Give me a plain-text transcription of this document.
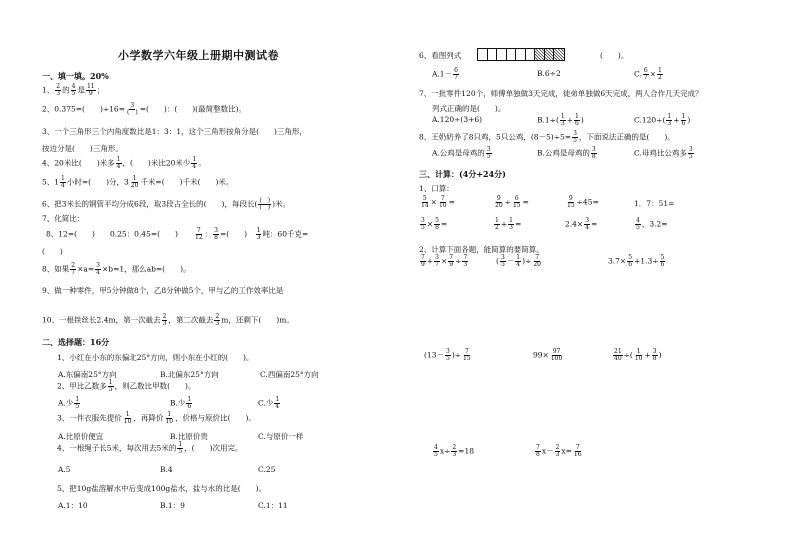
小学数学六年级上册期中测试卷
一、填一填。20%
1、 $\frac{2}{3}$ 的 $\frac{4}{5}$ 是 $\frac{11}{9}$ ；
2、0.375=(　　)$\div 16= \frac{3}{( )}$ =(　　)：(　　)(最简整数比)。
3、一个三角形三个内角度数比是1：3：1，这个三角形按角分是(　　)三角形，
按边分是(　　)三角形。
4、20米比(　　)米多 $\frac{1}{4}$ ，(　　)米比20米少 $\frac{1}{4}$ 。
5、$1 \frac{1}{4}$ 小时=(　　)分，$3 \frac{1}{20}$ 千米=(　　)千米(　　)米。
6、把3米长的钢管平均分成6段，取3段占全长的(　　)，每段长( $\frac{( )}{( )}$ )米。
7、化简比：
8、12=(　　)　　0.25：0.45=(　　)　　 $\frac{7}{12}$ ： $\frac{3}{8}$ =(　　)　 $\frac{1}{3}$ 吨：60千克=
(　　)
8、如果 $\frac{2}{7} \times a= \frac{3}{4} \times b=1$，那么ab=(　　)。
9、做一种零件，甲5分钟做8个，乙8分钟做5个，甲与乙的工作效率比是
10、一根铁丝长2.4m，第一次截去 $\frac{2}{3}$ ，第二次截去 $\frac{2}{3}$ m，还剩下(　　)m。
二、选择题：16分
1、小红在小东的东偏北25°方向，则小东在小红的(　　)。
A.东偏南25°方向	B.北偏东25°方向	C.西偏南25°方向
2、甲比乙数多 $\frac{1}{5}$ ，则乙数比甲数(　　)。
A.少 $\frac{1}{5}$	B.少 $\frac{1}{6}$	C.少 $\frac{1}{4}$
3、一件衣服先提价 $\frac{1}{10}$ ，再降价 $\frac{1}{10}$ ，价格与原价比(　　)。
A.比原价便宜	B.比原价贵	C.与原价一样
4、一根绳子长5米，每次用去5米的 $\frac{1}{5}$ ，(　　)次用完。
A.5	B.4	C.25
5、把10g盐溶解水中后变成100g盐水，盐与水的比是(　　)。
A.1：10	B.1：9	C.1：11
6、看图列式	(　　)。
$A.1- \frac{6}{7}$	B.6÷2	C. $\frac{6}{7} \times \frac{1}{2}$
7、一批零件120个，师傅单独做3天完成，徒弟单独做6天完成，两人合作几天完成？
列式正确的是(　　)。
A.120÷(3+6)	$B.1\div( \frac{1}{3} + \frac{1}{6}$ )	$C.120\div( \frac{1}{3} + \frac{1}{6}$ )
8、王奶奶养了8只鸡，5只公鸡，$(8-5)\div 5= \frac{3}{5}$ ，下面说法正确的是(　　)。
A.公鸡是母鸡的 $\frac{3}{5}$	B.公鸡是母鸡的 $\frac{3}{8}$	C.母鸡比公鸡多 $\frac{3}{5}$
三、计算：(4分+24分)
1、口算：
$\frac{5}{14} \times \frac{7}{10}$ =	$\frac{9}{20} \div \frac{6}{15}$ =	$\frac{9}{15} \div 45=$	1．7：51=
$\frac{3}{5} \times \frac{5}{8}$ =	$\frac{1}{2} + \frac{1}{3}$ =	$2.4\times \frac{3}{4}$ =	$\frac{4}{5}$ ，3.2=
2、计算下面各题，能简算的要简算。
$\frac{7}{9} + \frac{3}{7} \times \frac{7}{9} \div \frac{7}{3}$	( $\frac{3}{5} - \frac{1}{4}$ )÷ $\frac{7}{20}$	$3.7\times \frac{5}{6} +1.3\div \frac{5}{6}$
($13- \frac{3}{5}$ )÷ $\frac{7}{15}$	$99\times \frac{97}{100}$	$\frac{21}{40}$ ÷( $\frac{1}{10} + \frac{3}{8}$ )
$\frac{4}{5} x\div \frac{2}{3} =18$	$\frac{7}{8} x- \frac{2}{3} x= \frac{7}{16}$
